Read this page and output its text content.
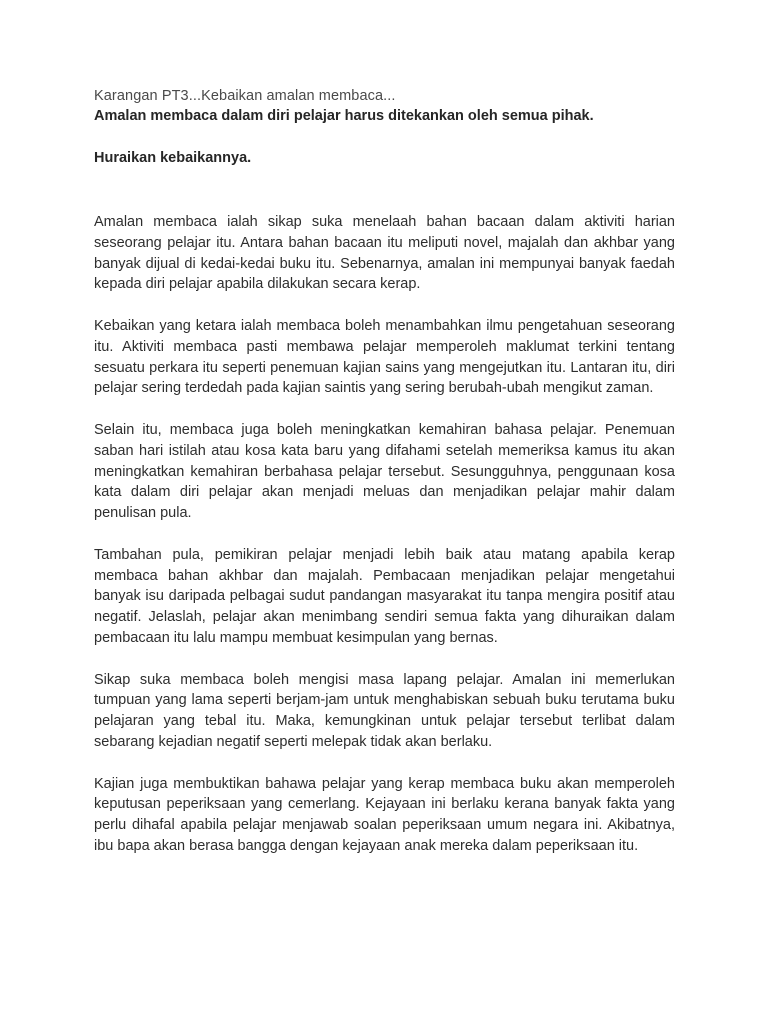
Karangan PT3...Kebaikan amalan membaca...

Amalan membaca dalam diri pelajar harus ditekankan oleh semua pihak.

Huraikan kebaikannya.

Amalan membaca ialah sikap suka menelaah bahan bacaan dalam aktiviti harian seseorang pelajar itu. Antara bahan bacaan itu meliputi novel, majalah dan akhbar yang banyak dijual di kedai-kedai buku itu. Sebenarnya, amalan ini mempunyai banyak faedah kepada diri pelajar apabila dilakukan secara kerap.

Kebaikan yang ketara ialah membaca boleh menambahkan ilmu pengetahuan seseorang itu. Aktiviti membaca pasti membawa pelajar memperoleh maklumat terkini tentang sesuatu perkara itu seperti penemuan kajian sains yang mengejutkan itu. Lantaran itu, diri pelajar sering terdedah pada kajian saintis yang sering berubah-ubah mengikut zaman.

Selain itu, membaca juga boleh meningkatkan kemahiran bahasa pelajar. Penemuan saban hari istilah atau kosa kata baru yang difahami setelah memeriksa kamus itu akan meningkatkan kemahiran berbahasa pelajar tersebut. Sesungguhnya, penggunaan kosa kata dalam diri pelajar akan menjadi meluas dan menjadikan pelajar mahir dalam penulisan pula.

Tambahan pula, pemikiran pelajar menjadi lebih baik atau matang apabila kerap membaca bahan akhbar dan majalah. Pembacaan menjadikan pelajar mengetahui banyak isu daripada pelbagai sudut pandangan masyarakat itu tanpa mengira positif atau negatif. Jelaslah, pelajar akan menimbang sendiri semua fakta yang dihuraikan dalam pembacaan itu lalu mampu membuat kesimpulan yang bernas.

Sikap suka membaca boleh mengisi masa lapang pelajar. Amalan ini memerlukan tumpuan yang lama seperti berjam-jam untuk menghabiskan sebuah buku terutama buku pelajaran yang tebal itu. Maka, kemungkinan untuk pelajar tersebut terlibat dalam sebarang kejadian negatif seperti melepak tidak akan berlaku.

Kajian juga membuktikan bahawa pelajar yang kerap membaca buku akan memperoleh keputusan peperiksaan yang cemerlang. Kejayaan ini berlaku kerana banyak fakta yang perlu dihafal apabila pelajar menjawab soalan peperiksaan umum negara ini. Akibatnya, ibu bapa akan berasa bangga dengan kejayaan anak mereka dalam peperiksaan itu.
